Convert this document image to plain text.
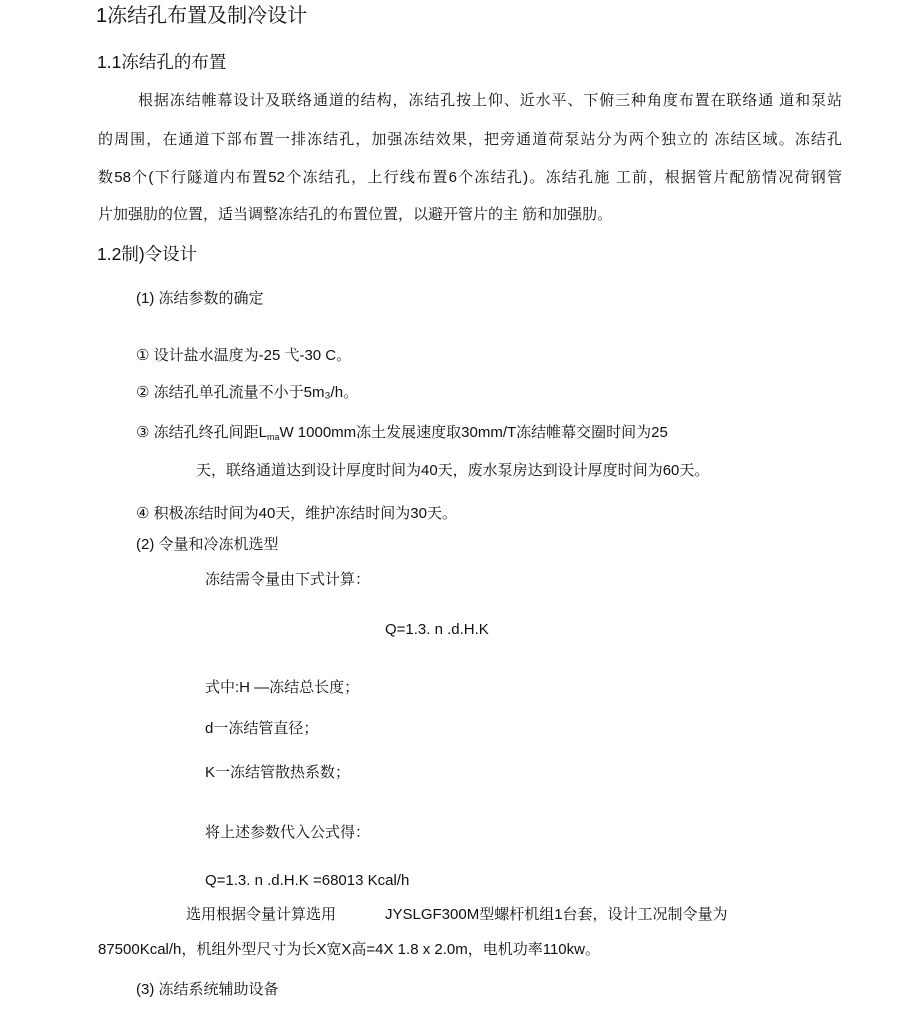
1冻结孔布置及制冷设计
1.1冻结孔的布置
根据冻结帷幕设计及联络通道的结构，冻结孔按上仰、近水平、下俯三种角度布置在联络通 道和泵站
的周围，在通道下部布置一排冻结孔，加强冻结效果，把旁通道荷泵站分为两个独立的 冻结区域。冻结孔
数58个(下行隧道内布置52个冻结孔，上行线布置6个冻结孔)。冻结孔施 工前，根据管片配筋情况荷钢管
片加强肋的位置，适当调整冻结孔的布置位置，以避开管片的主 筋和加强肋。
1.2制)令设计
(1) 冻结参数的确定
① 设计盐水温度为-25 弋-30 C。
② 冻结孔单孔流量不小于5m₃/h。
③ 冻结孔终孔间距$L_{ma}W$ 1000mm冻土发展速度取30mm/T冻结帷幕交圈时间为25
天，联络通道达到设计厚度时间为40天，废水泵房达到设计厚度时间为60天。
④ 积极冻结时间为40天，维护冻结时间为30天。
(2) 令量和冷冻机选型
冻结需令量由下式计算：
Q=1.3. n .d.H.K
式中:H —冻结总长度；
d一冻结管直径；
K一冻结管散热系数；
将上述参数代入公式得：
Q=1.3. n .d.H.K =68013 Kcal/h
选用根据令量计算选用	JYSLGF300M型螺杆机组1台套，设计工况制令量为
87500Kcal/h，机组外型尺寸为长X宽X高=4X 1.8 x 2.0m，电机功率110kw。
(3) 冻结系统辅助设备
